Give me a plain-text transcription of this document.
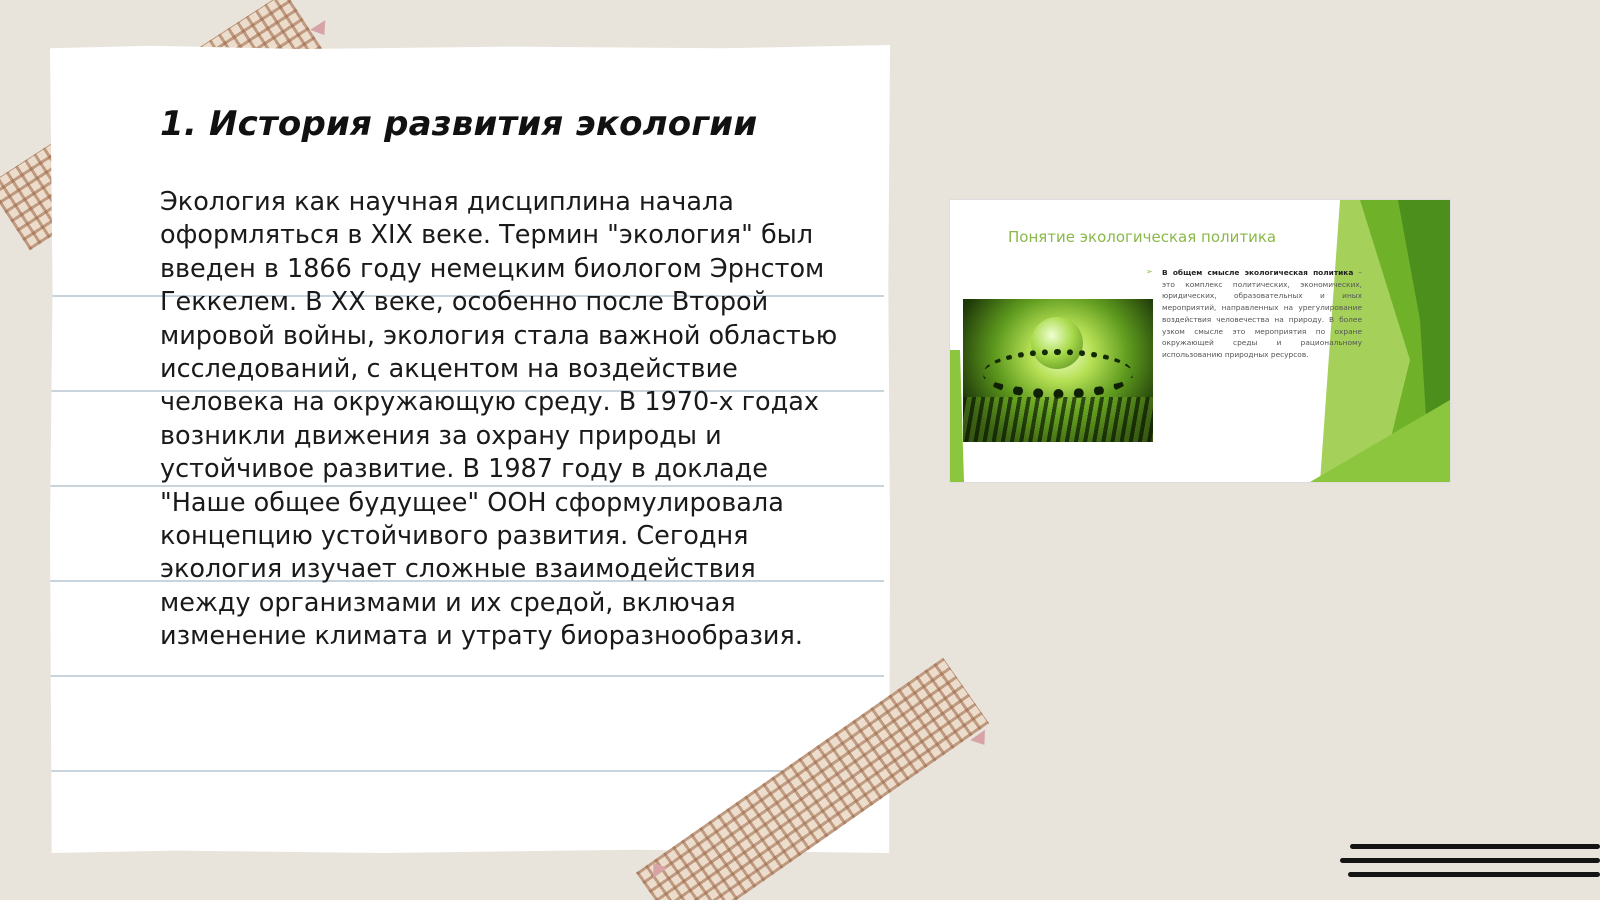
1. История развития экологии

Экология как научная дисциплина начала оформляться в XIX веке. Термин "экология" был введен в 1866 году немецким биологом Эрнстом Геккелем. В XX веке, особенно после Второй мировой войны, экология стала важной областью исследований, с акцентом на воздействие человека на окружающую среду. В 1970-х годах возникли движения за охрану природы и устойчивое развитие. В 1987 году в докладе "Наше общее будущее" ООН сформулировала концепцию устойчивого развития. Сегодня экология изучает сложные взаимодействия между организмами и их средой, включая изменение климата и утрату биоразнообразия.

Понятие экологическая политика
➢ В общем смысле экологическая политика – это комплекс политических, экономических, юридических, образовательных и иных мероприятий, направленных на урегулирование воздействия человечества на природу. В более узком смысле это мероприятия по охране окружающей среды и рациональному использованию природных ресурсов.
